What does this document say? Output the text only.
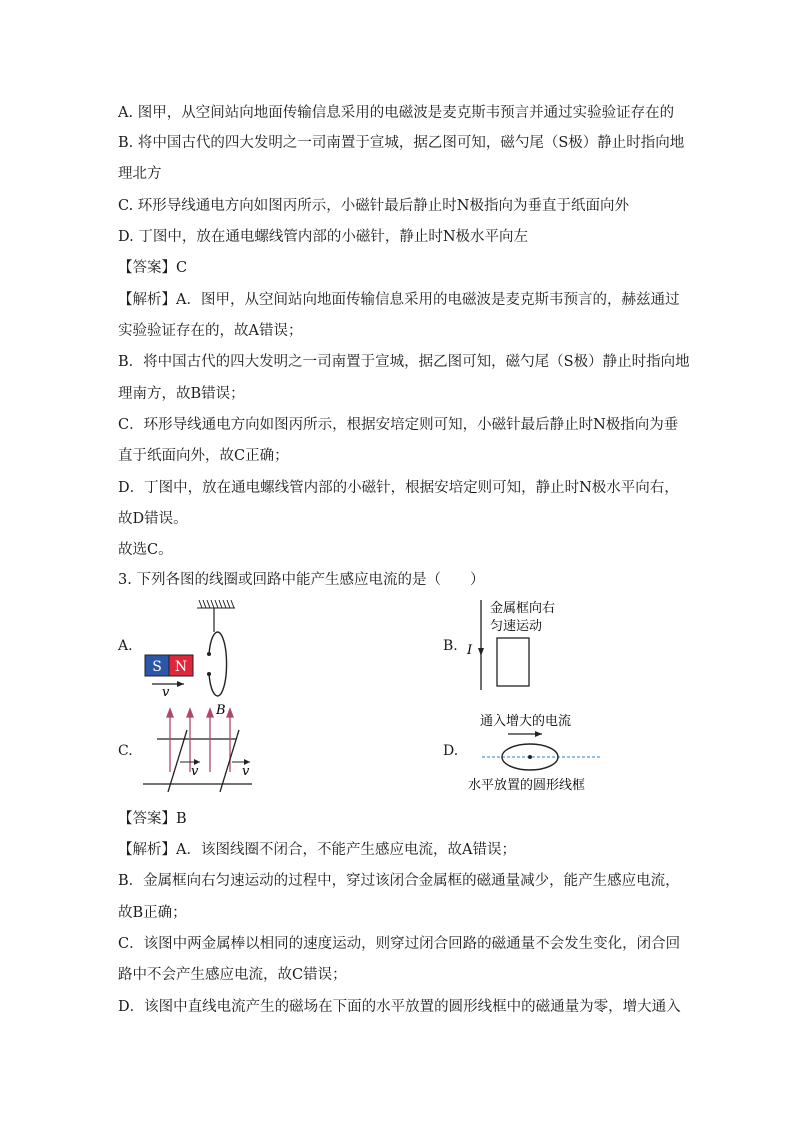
A. 图甲，从空间站向地面传输信息采用的电磁波是麦克斯韦预言并通过实验验证存在的
B. 将中国古代的四大发明之一司南置于宣城，据乙图可知，磁勺尾（S极）静止时指向地
理北方
C. 环形导线通电方向如图丙所示，小磁针最后静止时N极指向为垂直于纸面向外
D. 丁图中，放在通电螺线管内部的小磁针，静止时N极水平向左
【答案】C
【解析】A．图甲，从空间站向地面传输信息采用的电磁波是麦克斯韦预言的，赫兹通过
实验验证存在的，故A错误；
B．将中国古代的四大发明之一司南置于宣城，据乙图可知，磁勺尾（S极）静止时指向地
理南方，故B错误；
C．环形导线通电方向如图丙所示，根据安培定则可知，小磁针最后静止时N极指向为垂
直于纸面向外，故C正确；
D．丁图中，放在通电螺线管内部的小磁针，根据安培定则可知，静止时N极水平向右，
故D错误。
故选C。
3. 下列各图的线圈或回路中能产生感应电流的是（　　）
A.
S N
v
B. I
金属框向右
匀速运动
C.
B
v	v
D.
通入增大的电流
水平放置的圆形线框
【答案】B
【解析】A．该图线圈不闭合，不能产生感应电流，故A错误；
B．金属框向右匀速运动的过程中，穿过该闭合金属框的磁通量减少，能产生感应电流，
故B正确；
C．该图中两金属棒以相同的速度运动，则穿过闭合回路的磁通量不会发生变化，闭合回
路中不会产生感应电流，故C错误；
D．该图中直线电流产生的磁场在下面的水平放置的圆形线框中的磁通量为零，增大通入
